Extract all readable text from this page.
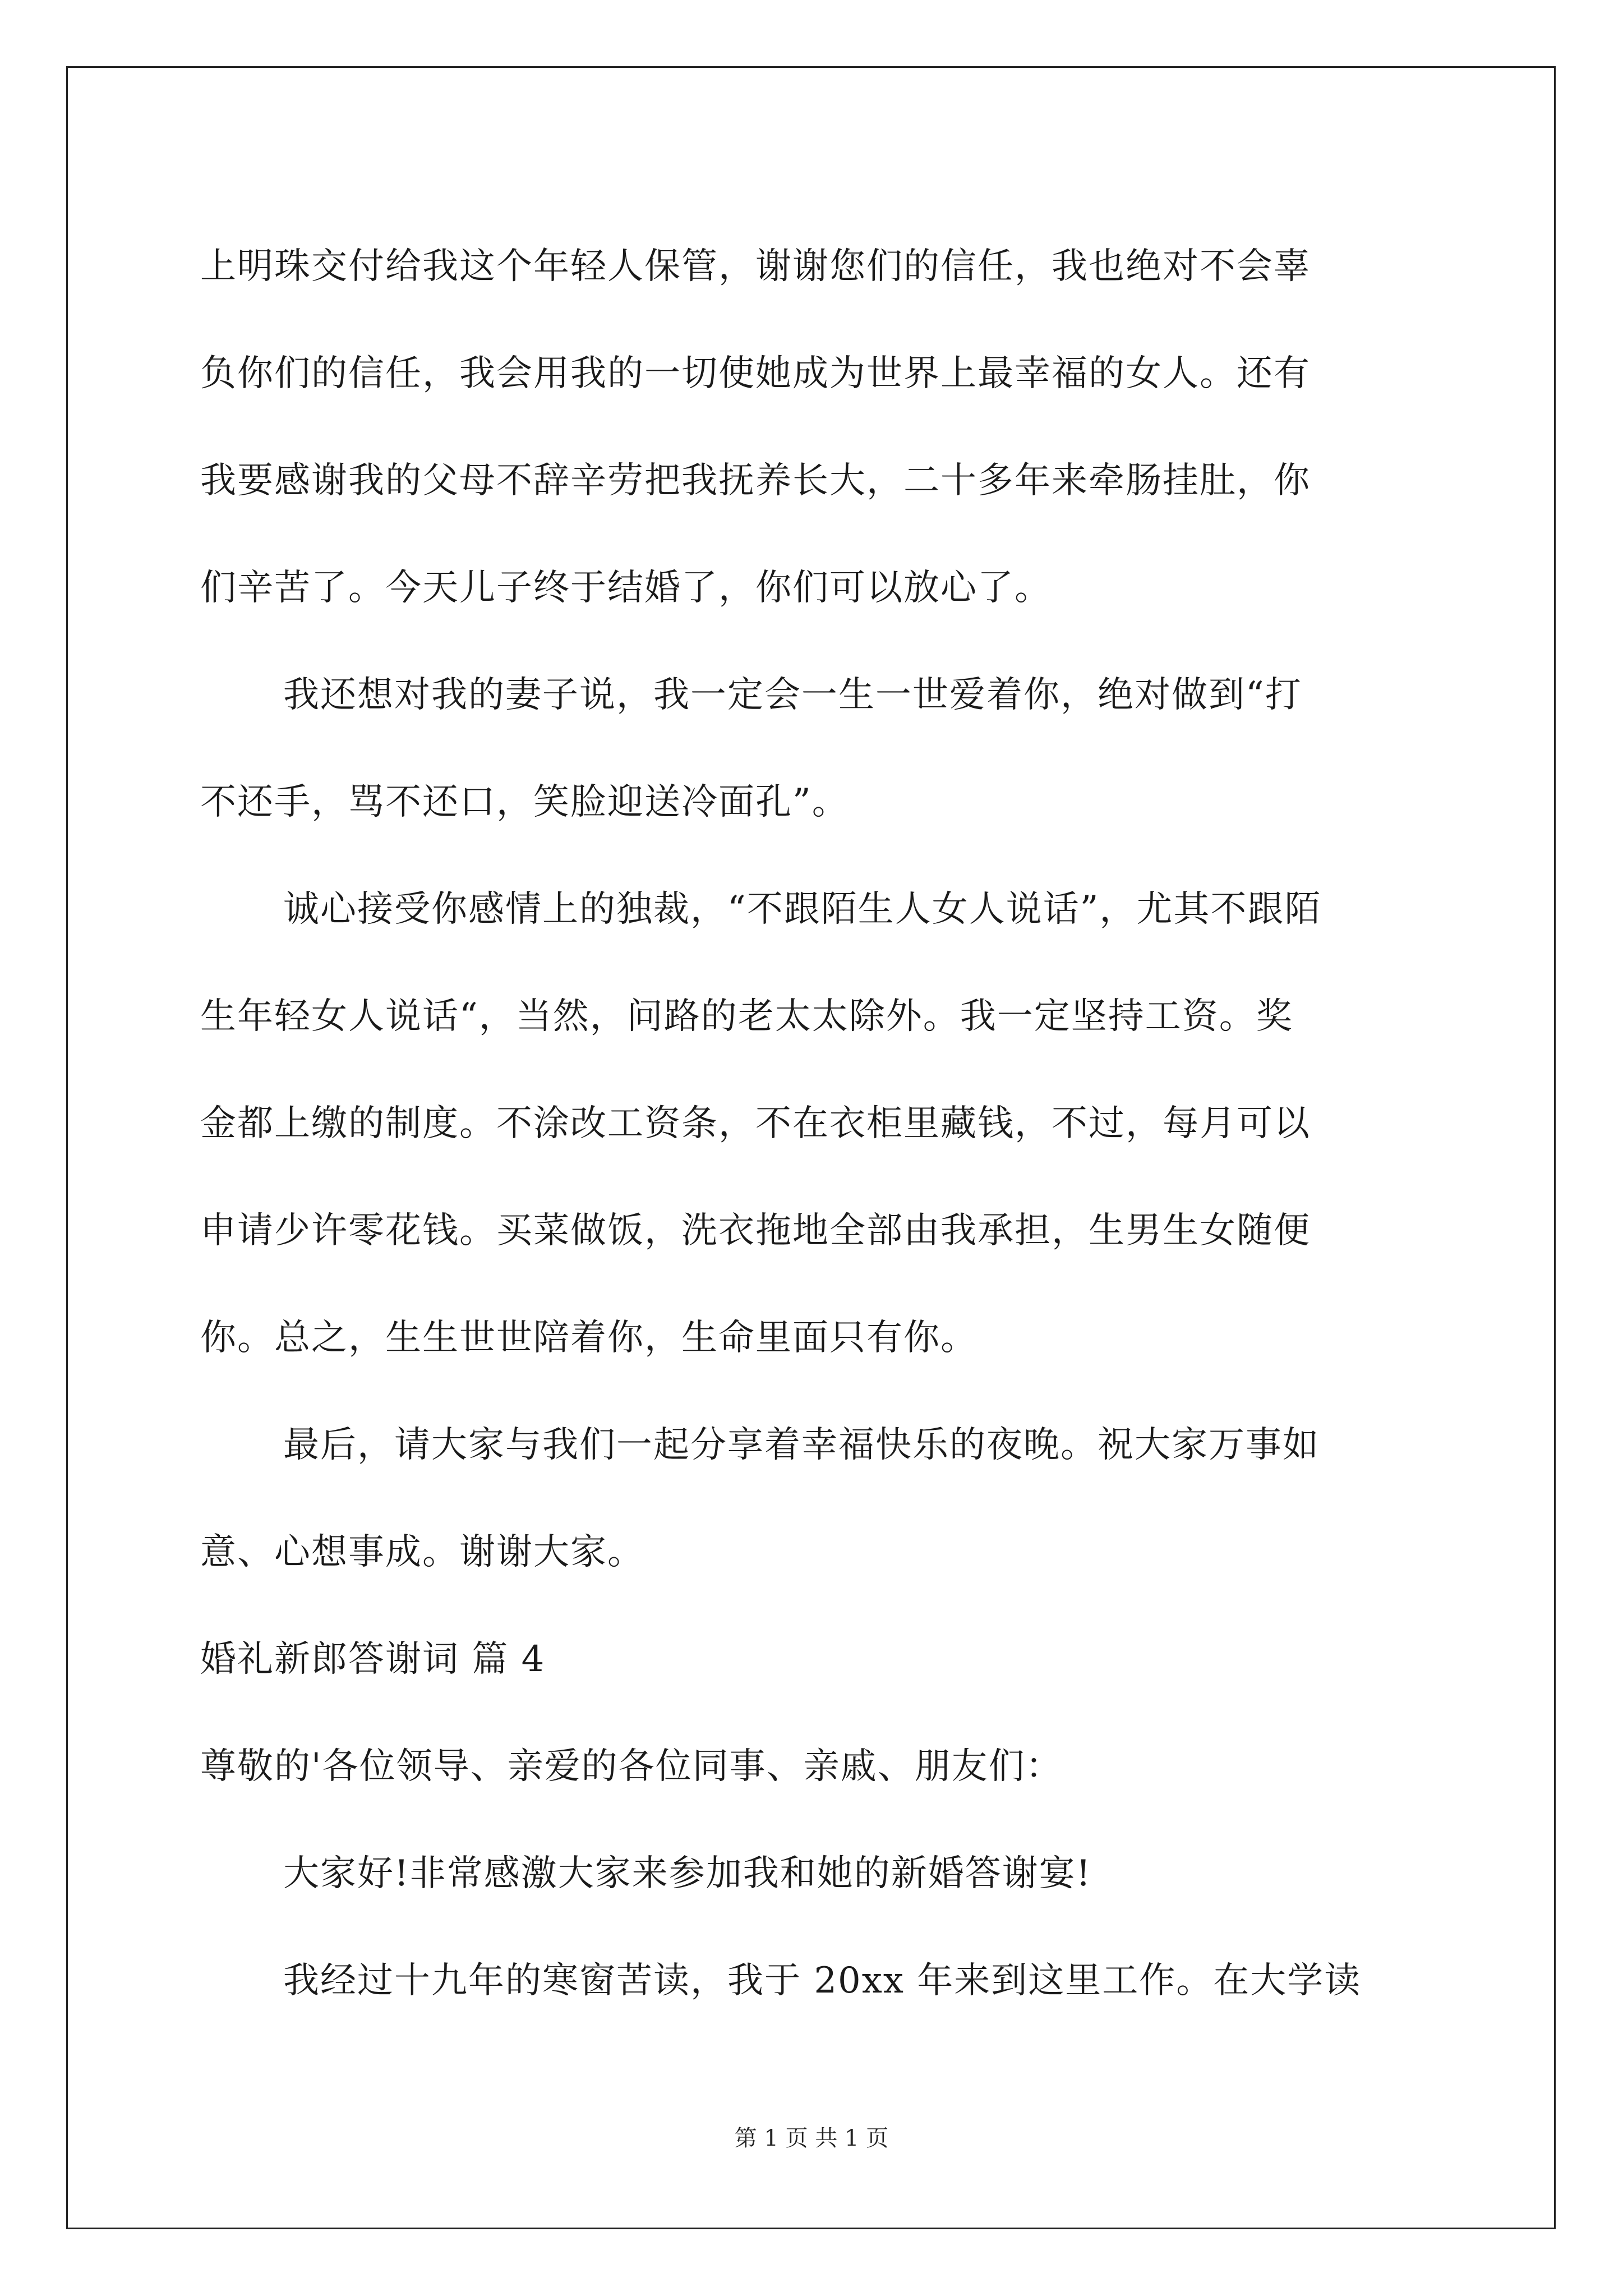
上明珠交付给我这个年轻人保管，谢谢您们的信任，我也绝对不会辜
负你们的信任，我会用我的一切使她成为世界上最幸福的女人。还有
我要感谢我的父母不辞辛劳把我抚养长大，二十多年来牵肠挂肚，你
们辛苦了。今天儿子终于结婚了，你们可以放心了。
我还想对我的妻子说，我一定会一生一世爱着你，绝对做到“打
不还手，骂不还口，笑脸迎送冷面孔”。
诚心接受你感情上的独裁，“不跟陌生人女人说话”，尤其不跟陌
生年轻女人说话“，当然，问路的老太太除外。我一定坚持工资。奖
金都上缴的制度。不涂改工资条，不在衣柜里藏钱，不过，每月可以
申请少许零花钱。买菜做饭，洗衣拖地全部由我承担，生男生女随便
你。总之，生生世世陪着你，生命里面只有你。
最后，请大家与我们一起分享着幸福快乐的夜晚。祝大家万事如
意、心想事成。谢谢大家。
婚礼新郎答谢词 篇 4
尊敬的'各位领导、亲爱的各位同事、亲戚、朋友们：
大家好!非常感激大家来参加我和她的新婚答谢宴!
我经过十九年的寒窗苦读，我于 20xx 年来到这里工作。在大学读
第 1 页 共 1 页
